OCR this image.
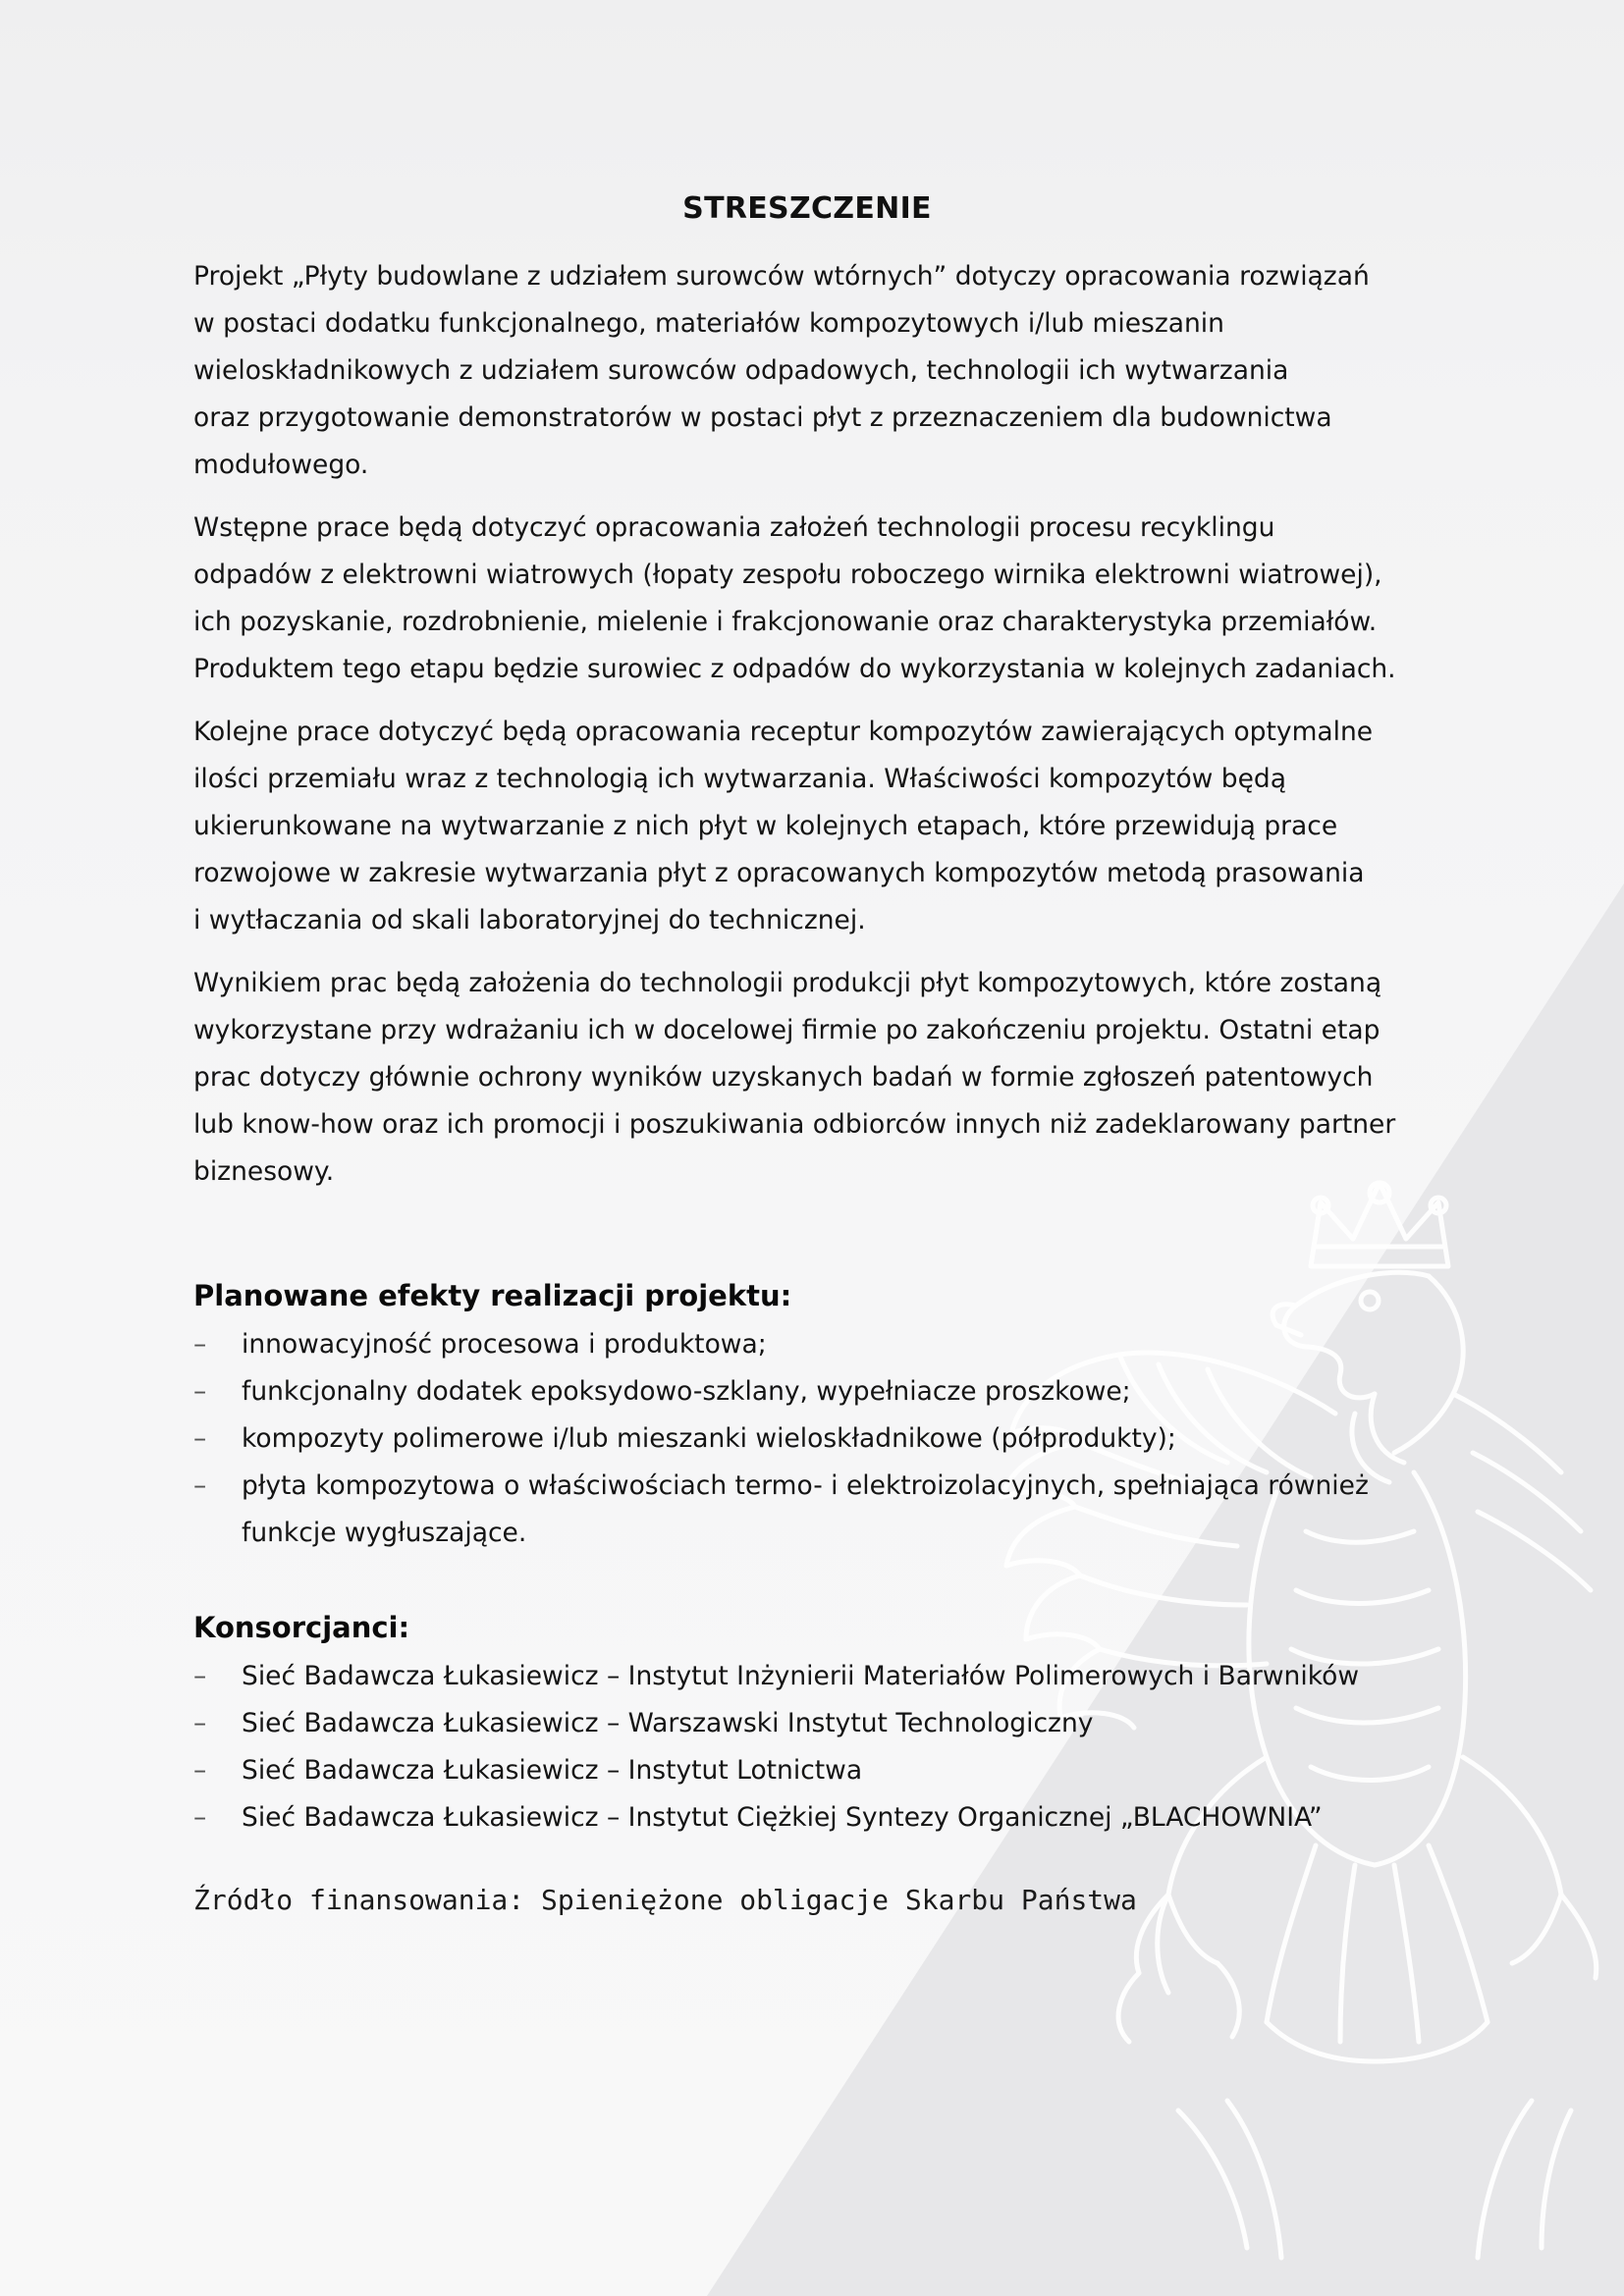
STRESZCZENIE

Projekt „Płyty budowlane z udziałem surowców wtórnych” dotyczy opracowania rozwiązań
w postaci dodatku funkcjonalnego, materiałów kompozytowych i/lub mieszanin
wieloskładnikowych z udziałem surowców odpadowych, technologii ich wytwarzania
oraz przygotowanie demonstratorów w postaci płyt z przeznaczeniem dla budownictwa
modułowego.

Wstępne prace będą dotyczyć opracowania założeń technologii procesu recyklingu
odpadów z elektrowni wiatrowych (łopaty zespołu roboczego wirnika elektrowni wiatrowej),
ich pozyskanie, rozdrobnienie, mielenie i frakcjonowanie oraz charakterystyka przemiałów.
Produktem tego etapu będzie surowiec z odpadów do wykorzystania w kolejnych zadaniach.

Kolejne prace dotyczyć będą opracowania receptur kompozytów zawierających optymalne
ilości przemiału wraz z technologią ich wytwarzania. Właściwości kompozytów będą
ukierunkowane na wytwarzanie z nich płyt w kolejnych etapach, które przewidują prace
rozwojowe w zakresie wytwarzania płyt z opracowanych kompozytów metodą prasowania
i wytłaczania od skali laboratoryjnej do technicznej.

Wynikiem prac będą założenia do technologii produkcji płyt kompozytowych, które zostaną
wykorzystane przy wdrażaniu ich w docelowej firmie po zakończeniu projektu. Ostatni etap
prac dotyczy głównie ochrony wyników uzyskanych badań w formie zgłoszeń patentowych
lub know-how oraz ich promocji i poszukiwania odbiorców innych niż zadeklarowany partner
biznesowy.

Planowane efekty realizacji projektu:
– innowacyjność procesowa i produktowa;
– funkcjonalny dodatek epoksydowo-szklany, wypełniacze proszkowe;
– kompozyty polimerowe i/lub mieszanki wieloskładnikowe (półprodukty);
– płyta kompozytowa o właściwościach termo- i elektroizolacyjnych, spełniająca również
funkcje wygłuszające.
Konsorcjanci:
– Sieć Badawcza Łukasiewicz – Instytut Inżynierii Materiałów Polimerowych i Barwników
– Sieć Badawcza Łukasiewicz – Warszawski Instytut Technologiczny
– Sieć Badawcza Łukasiewicz – Instytut Lotnictwa
– Sieć Badawcza Łukasiewicz – Instytut Ciężkiej Syntezy Organicznej „BLACHOWNIA”

Źródło finansowania: Spieniężone obligacje Skarbu Państwa
